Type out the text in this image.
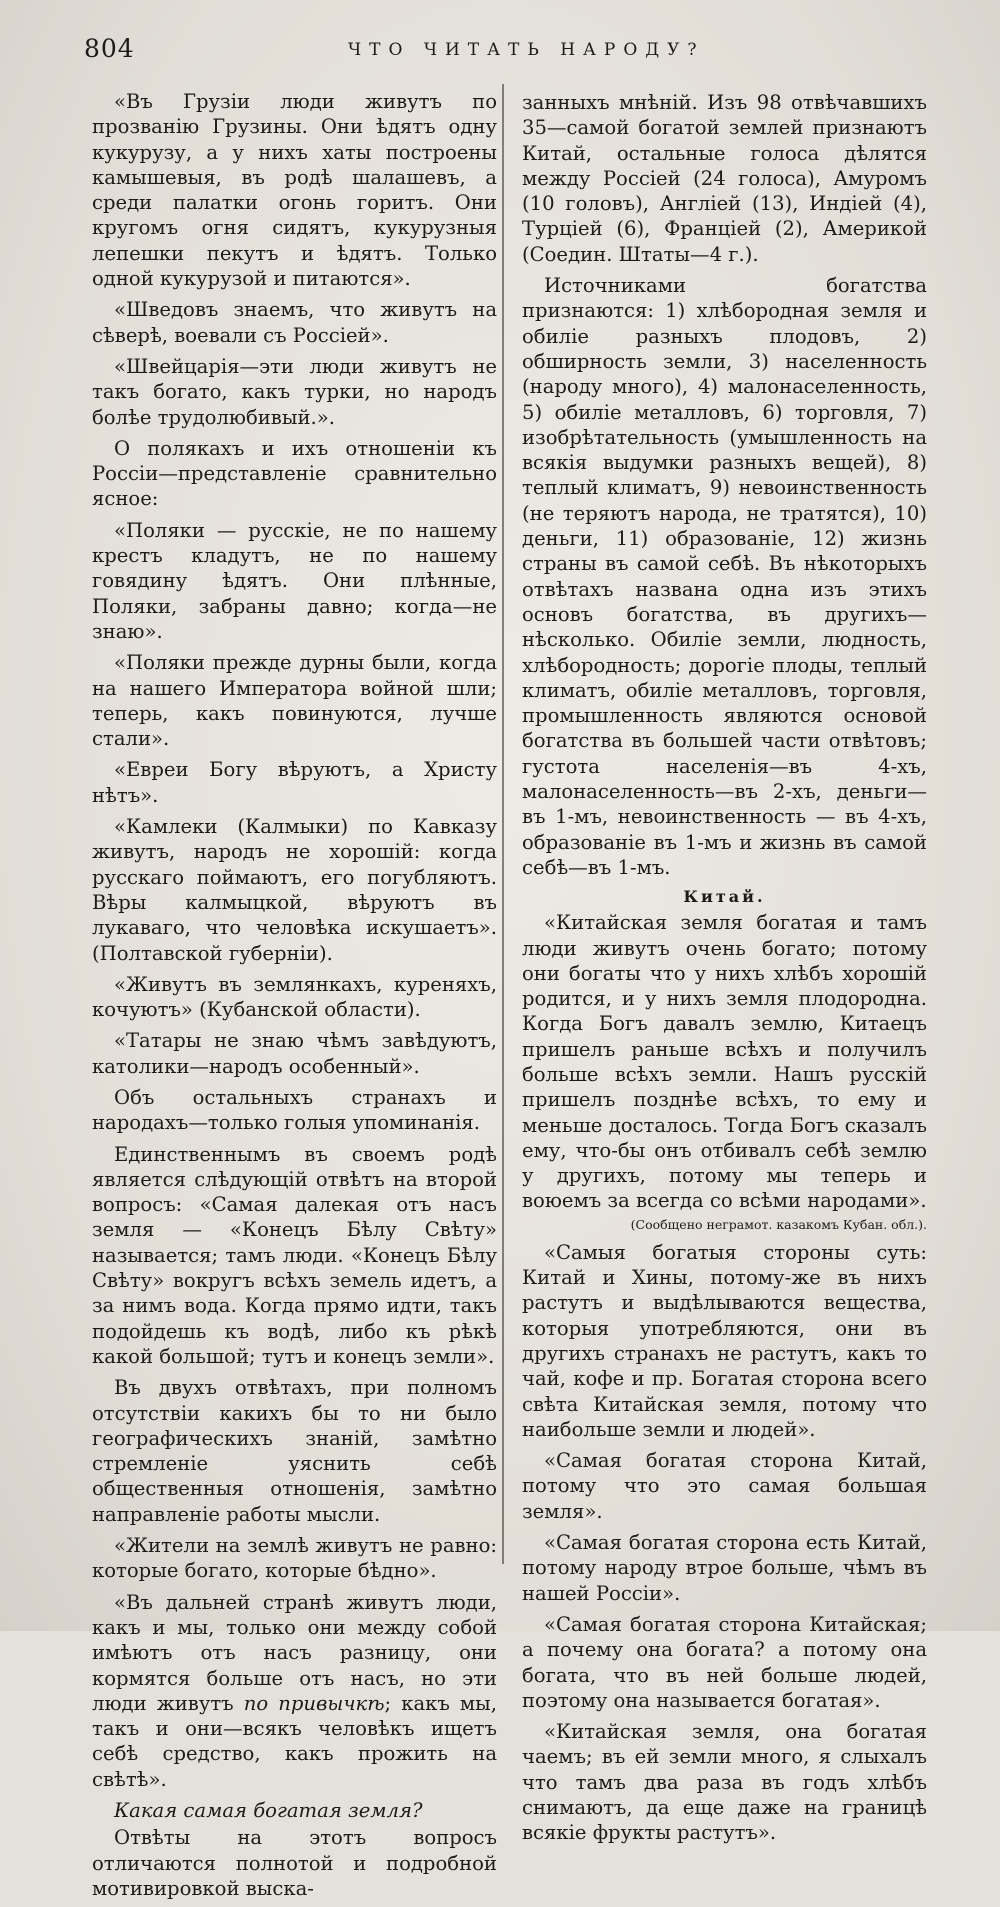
804	ЧТО ЧИТАТЬ НАРОДУ?

«Въ Грузіи люди живутъ по прозванію Грузины. Они ѣдятъ одну кукурузу, а у нихъ хаты построены камышевыя, въ родѣ шалашевъ, а среди палатки огонь горитъ. Они кругомъ огня сидятъ, кукурузныя лепешки пекутъ и ѣдятъ. Только одной кукурузой и питаются».

«Шведовъ знаемъ, что живутъ на сѣверѣ, воевали съ Россіей».

«Швейцарія—эти люди живутъ не такъ богато, какъ турки, но народъ болѣе трудолюбивый.».

О полякахъ и ихъ отношеніи къ Россіи—представленіе сравнительно ясное:

«Поляки — русскіе, не по нашему крестъ кладутъ, не по нашему говядину ѣдятъ. Они плѣнные, Поляки, забраны давно; когда—не знаю».

«Поляки прежде дурны были, когда на нашего Императора войной шли; теперь, какъ повинуются, лучше стали».

«Евреи Богу вѣруютъ, а Христу нѣтъ».

«Камлеки (Калмыки) по Кавказу живутъ, народъ не хорошій: когда русскаго поймаютъ, его погубляютъ. Вѣры калмыцкой, вѣруютъ въ лукаваго, что человѣка искушаетъ». (Полтавской губерніи).

«Живутъ въ землянкахъ, куреняхъ, кочуютъ» (Кубанской области).

«Татары не знаю чѣмъ завѣдуютъ, католики—народъ особенный».

Объ остальныхъ странахъ и народахъ—только голыя упоминанія.

Единственнымъ въ своемъ родѣ является слѣдующій отвѣтъ на второй вопросъ: «Самая далекая отъ насъ земля — «Конецъ Бѣлу Свѣту» называется; тамъ люди. «Конецъ Бѣлу Свѣту» вокругъ всѣхъ земель идетъ, а за нимъ вода. Когда прямо идти, такъ подойдешь къ водѣ, либо къ рѣкѣ какой большой; тутъ и конецъ земли».

Въ двухъ отвѣтахъ, при полномъ отсутствіи какихъ бы то ни было географическихъ знаній, замѣтно стремленіе уяснить себѣ общественныя отношенія, замѣтно направленіе работы мысли.

«Жители на землѣ живутъ не равно: которые богато, которые бѣдно».

«Въ дальней странѣ живутъ люди, какъ и мы, только они между собой имѣютъ отъ насъ разницу, они кормятся больше отъ насъ, но эти люди живутъ по привычкѣ; какъ мы, такъ и они—всякъ человѣкъ ищетъ себѣ средство, какъ прожить на свѣтѣ».

Какая самая богатая земля?

Отвѣты на этотъ вопросъ отличаются полнотой и подробной мотивировкой выска-

занныхъ мнѣній. Изъ 98 отвѣчавшихъ 35—самой богатой землей признаютъ Китай, остальные голоса дѣлятся между Россіей (24 голоса), Амуромъ (10 головъ), Англіей (13), Индіей (4), Турціей (6), Франціей (2), Америкой (Соедин. Штаты—4 г.).

Источниками богатства признаются: 1) хлѣбородная земля и обиліе разныхъ плодовъ, 2) обширность земли, 3) населенность (народу много), 4) малонаселенность, 5) обиліе металловъ, 6) торговля, 7) изобрѣтательность (умышленность на всякія выдумки разныхъ вещей), 8) теплый климатъ, 9) невоинственность (не теряютъ народа, не тратятся), 10) деньги, 11) образованіе, 12) жизнь страны въ самой себѣ. Въ нѣкоторыхъ отвѣтахъ названа одна изъ этихъ основъ богатства, въ другихъ—нѣсколько. Обиліе земли, людность, хлѣбородность; дорогіе плоды, теплый климатъ, обиліе металловъ, торговля, промышленность являются основой богатства въ большей части отвѣтовъ; густота населенія—въ 4-хъ, малонаселенность—въ 2-хъ, деньги—въ 1-мъ, невоинственность — въ 4-хъ, образованіе въ 1-мъ и жизнь въ самой себѣ—въ 1-мъ.

Китай.

«Китайская земля богатая и тамъ люди живутъ очень богато; потому они богаты что у нихъ хлѣбъ хорошій родится, и у нихъ земля плодородна. Когда Богъ давалъ землю, Китаецъ пришелъ раньше всѣхъ и получилъ больше всѣхъ земли. Нашъ русскій пришелъ позднѣе всѣхъ, то ему и меньше досталось. Тогда Богъ сказалъ ему, что-бы онъ отбивалъ себѣ землю у другихъ, потому мы теперь и воюемъ за всегда со всѣми народами».

(Сообщено неграмот. казакомъ Кубан. обл.).

«Самыя богатыя стороны суть: Китай и Хины, потому-же въ нихъ растутъ и выдѣлываются вещества, которыя употребляются, они въ другихъ странахъ не растутъ, какъ то чай, кофе и пр. Богатая сторона всего свѣта Китайская земля, потому что наибольше земли и людей».

«Самая богатая сторона Китай, потому что это самая большая земля».

«Самая богатая сторона есть Китай, потому народу втрое больше, чѣмъ въ нашей Россіи».

«Самая богатая сторона Китайская; а почему она богата? а потому она богата, что въ ней больше людей, поэтому она называется богатая».

«Китайская земля, она богатая чаемъ; въ ей земли много, я слыхалъ что тамъ два раза въ годъ хлѣбъ снимаютъ, да еще даже на границѣ всякіе фрукты растутъ».
